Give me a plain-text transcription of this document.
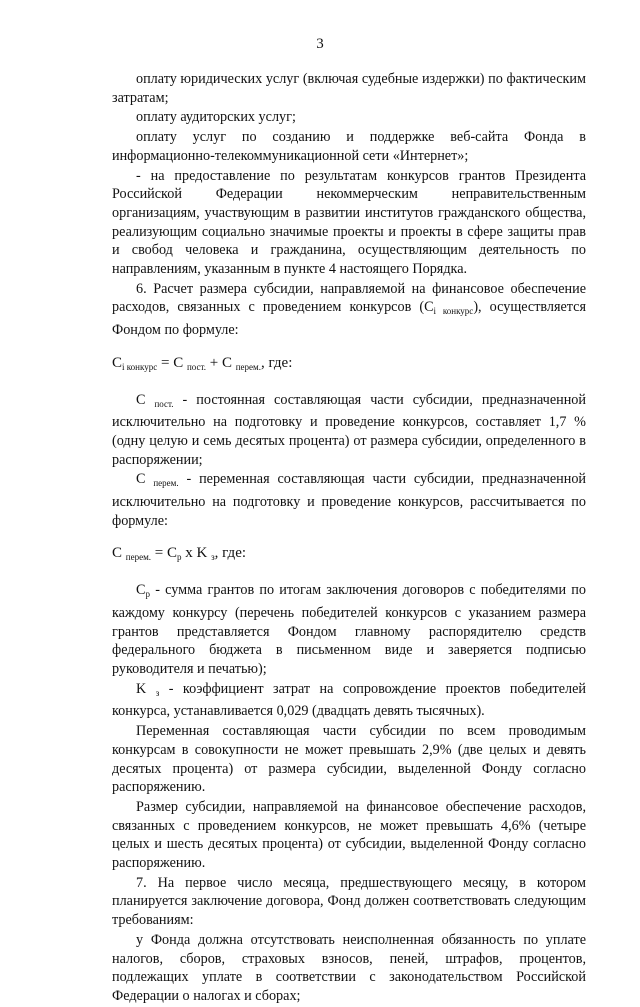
3

оплату юридических услуг (включая судебные издержки) по фактическим затратам;

оплату аудиторских услуг;

оплату услуг по созданию и поддержке веб-сайта Фонда в информационно-телекоммуникационной сети «Интернет»;

- на предоставление по результатам конкурсов грантов Президента Российской Федерации некоммерческим неправительственным организациям, участвующим в развитии институтов гражданского общества, реализующим социально значимые проекты и проекты в сфере защиты прав и свобод человека и гражданина, осуществляющим деятельность по направлениям, указанным в пункте 4 настоящего Порядка.

6. Расчет размера субсидии, направляемой на финансовое обеспечение расходов, связанных с проведением конкурсов $(C_{i конкурс})$, осуществляется Фондом по формуле:

$C_{i конкурс} = C$ $_{пост.}$ + C $_{перем.}$, где:

C $_{пост.}$ - постоянная составляющая части субсидии, предназначенной исключительно на подготовку и проведение конкурсов, составляет 1,7 % (одну целую и семь десятых процента) от размера субсидии, определенного в распоряжении;

C $_{перем.}$ - переменная составляющая части субсидии, предназначенной исключительно на подготовку и проведение конкурсов, рассчитывается по формуле:

C $_{перем.} = C_р$ x K $_з$, где:

$C_р$ - сумма грантов по итогам заключения договоров с победителями по каждому конкурсу (перечень победителей конкурсов с указанием размера грантов представляется Фондом главному распорядителю средств федерального бюджета в письменном виде и заверяется подписью руководителя и печатью);

K $_з$ - коэффициент затрат на сопровождение проектов победителей конкурса, устанавливается 0,029 (двадцать девять тысячных).

Переменная составляющая части субсидии по всем проводимым конкурсам в совокупности не может превышать 2,9% (две целых и девять десятых процента) от размера субсидии, выделенной Фонду согласно распоряжению.

Размер субсидии, направляемой на финансовое обеспечение расходов, связанных с проведением конкурсов, не может превышать 4,6% (четыре целых и шесть десятых процента) от субсидии, выделенной Фонду согласно распоряжению.

7. На первое число месяца, предшествующего месяцу, в котором планируется заключение договора, Фонд должен соответствовать следующим требованиям:

у Фонда должна отсутствовать неисполненная обязанность по уплате налогов, сборов, страховых взносов, пеней, штрафов, процентов, подлежащих уплате в соответствии с законодательством Российской Федерации о налогах и сборах;
